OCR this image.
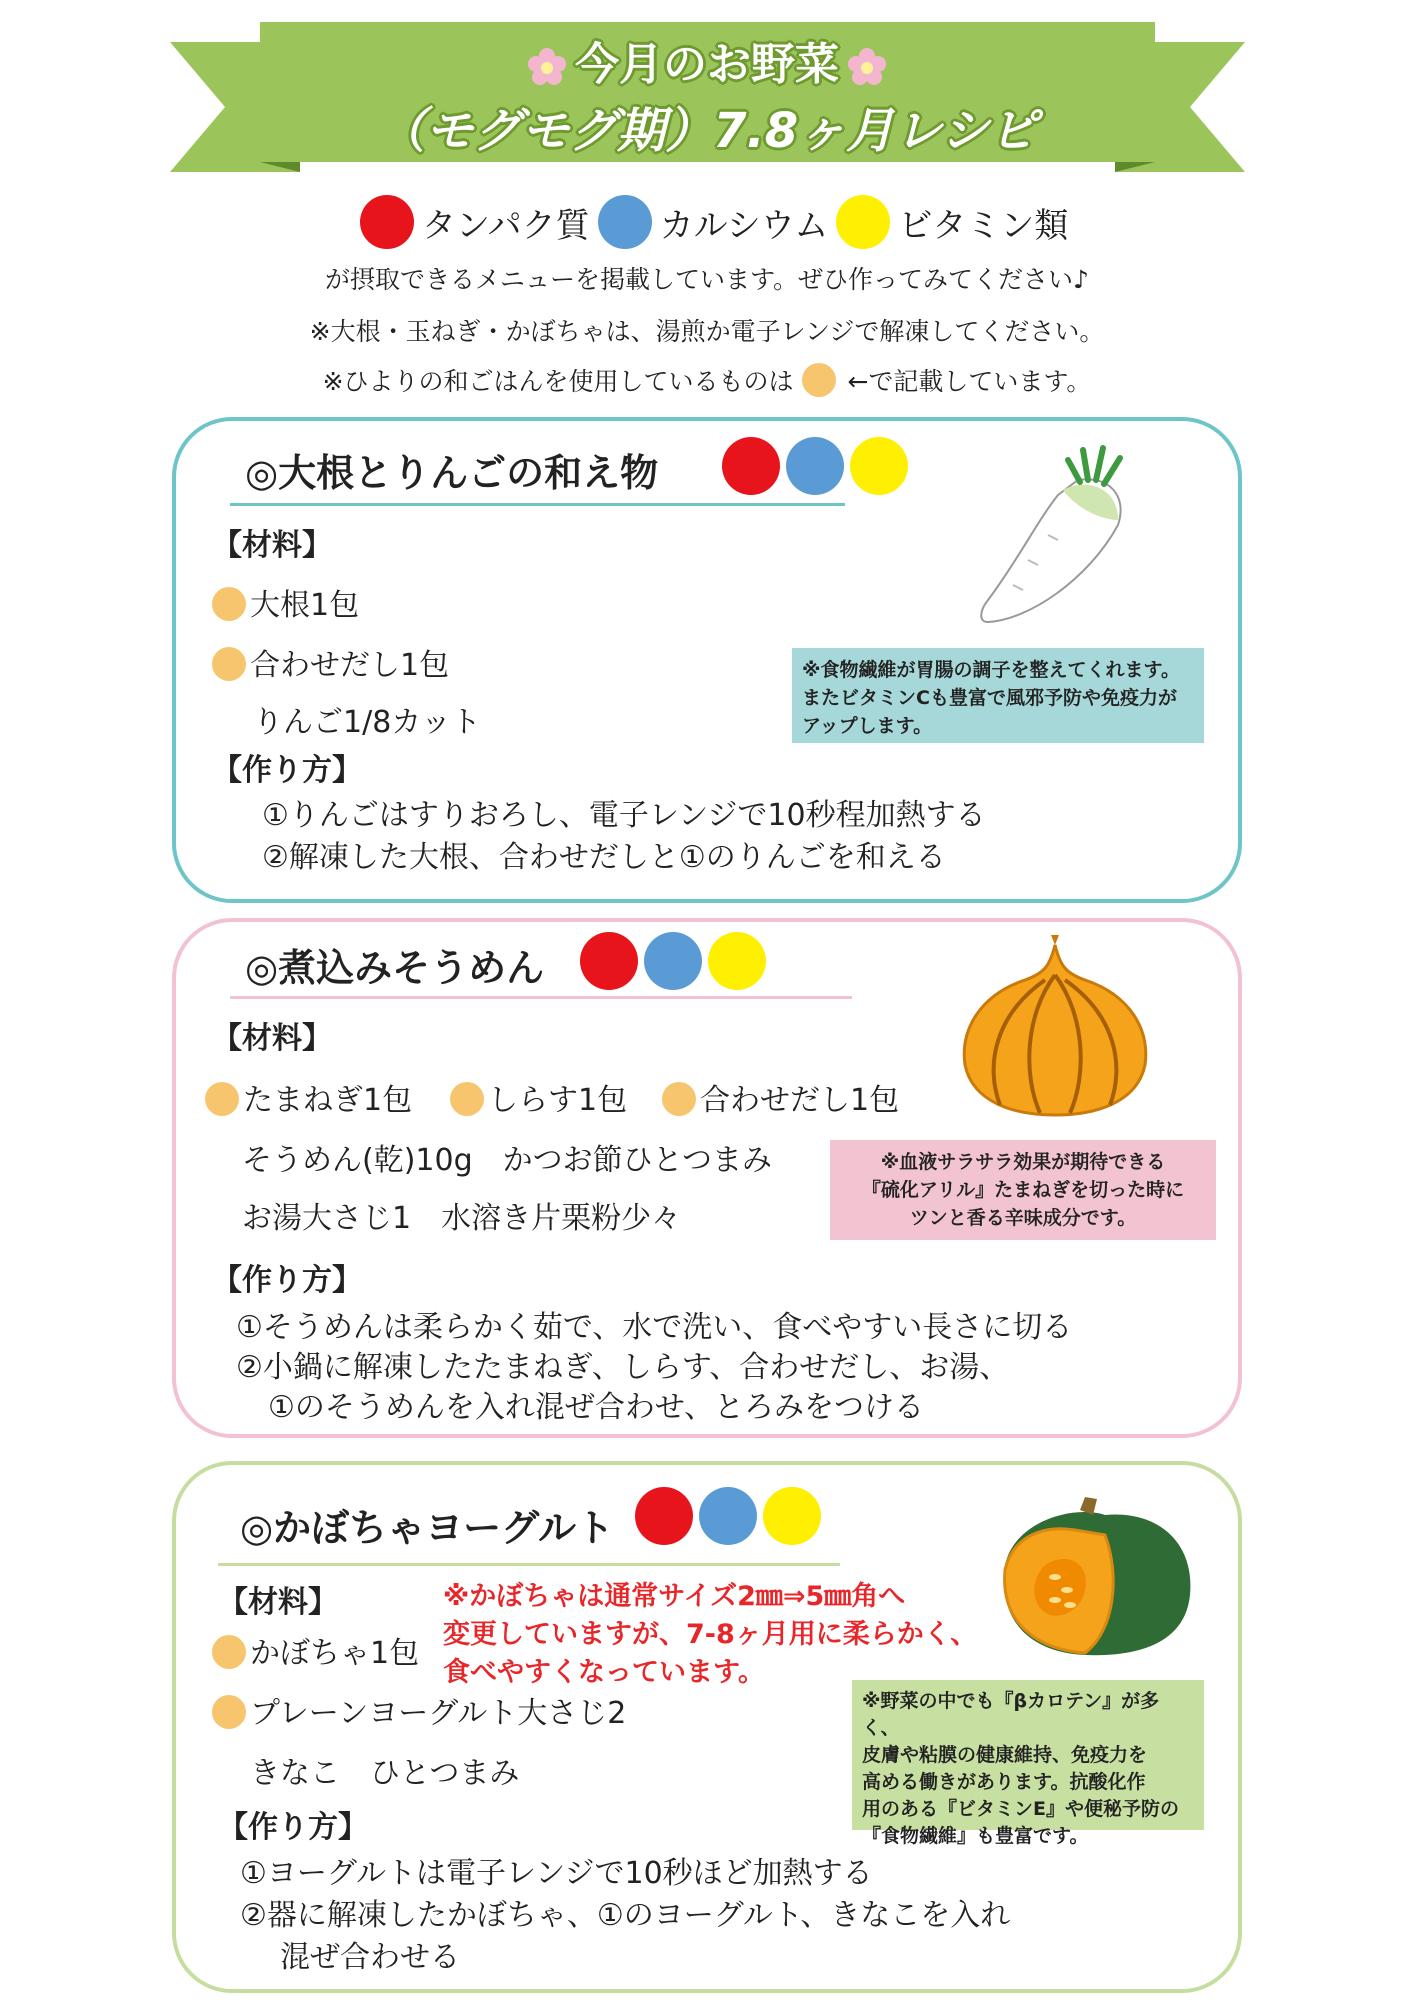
今月のお野菜
（モグモグ期）7.8ヶ月レシピ
タンパク質 カルシウム ビタミン類
が摂取できるメニューを掲載しています。ぜひ作ってみてください♪
※大根・玉ねぎ・かぼちゃは、湯煎か電子レンジで解凍してください。
※ひよりの和ごはんを使用しているものは ←で記載しています。
◎大根とりんごの和え物
【材料】
大根1包
合わせだし1包
りんご1/8カット
【作り方】
①りんごはすりおろし、電子レンジで10秒程加熱する
②解凍した大根、合わせだしと①のりんごを和える
※食物繊維が胃腸の調子を整えてくれます。またビタミンCも豊富で風邪予防や免疫力がアップします。
◎煮込みそうめん
【材料】
たまねぎ1包	しらす1包	合わせだし1包
そうめん(乾)10g　かつお節ひとつまみ
お湯大さじ1　水溶き片栗粉少々
【作り方】
①そうめんは柔らかく茹で、水で洗い、食べやすい長さに切る
②小鍋に解凍したたまねぎ、しらす、合わせだし、お湯、
①のそうめんを入れ混ぜ合わせ、とろみをつける
※血液サラサラ効果が期待できる
『硫化アリル』たまねぎを切った時に
ツンと香る辛味成分です。
◎かぼちゃヨーグルト
【材料】
かぼちゃ1包
プレーンヨーグルト大さじ2
きなこ　ひとつまみ
※かぼちゃは通常サイズ2㎜⇒5㎜角へ
変更していますが、7-8ヶ月用に柔らかく、
食べやすくなっています。
【作り方】
①ヨーグルトは電子レンジで10秒ほど加熱する
②器に解凍したかぼちゃ、①のヨーグルト、きなこを入れ
混ぜ合わせる
※野菜の中でも『βカロテン』が多く、
皮膚や粘膜の健康維持、免疫力を
高める働きがあります。抗酸化作
用のある『ビタミンE』や便秘予防の
『食物繊維』も豊富です。
